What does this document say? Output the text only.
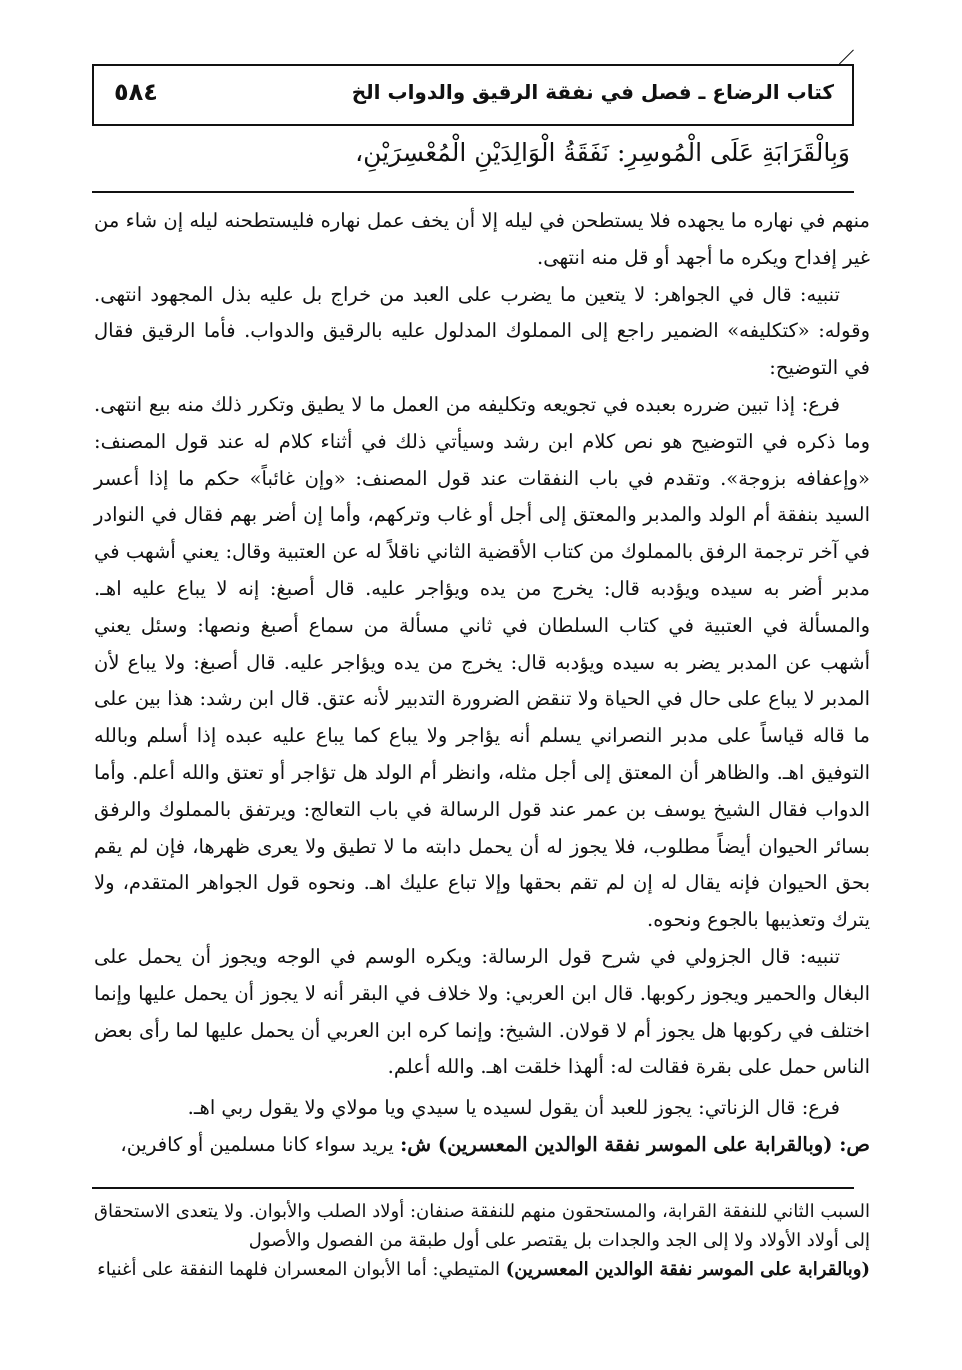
٥٨٤	كتاب الرضاع ـ فصل في نفقة الرقيق والدواب الخ
وَبِالْقَرَابَةِ عَلَى الْمُوسِرِ: نَفَقَةُ الْوَالِدَيْنِ الْمُعْسِرَيْنِ،

منهم في نهاره ما يجهده فلا يستطحن في ليله إلا أن يخف عمل نهاره فليستطحنه ليله إن شاء من غير إفداح ويكره ما أجهد أو قل منه انتهى.

تنبيه: قال في الجواهر: لا يتعين ما يضرب على العبد من خراج بل عليه بذل المجهود انتهى. وقوله: «كتكليفه» الضمير راجع إلى المملوك المدلول عليه بالرقيق والدواب. فأما الرقيق فقال في التوضيح:

فرع: إذا تبين ضرره بعبده في تجويعه وتكليفه من العمل ما لا يطيق وتكرر ذلك منه بيع انتهى. وما ذكره في التوضيح هو نص كلام ابن رشد وسيأتي ذلك في أثناء كلام له عند قول المصنف: «وإعفافه بزوجة». وتقدم في باب النفقات عند قول المصنف: «وإن غائباً» حكم ما إذا أعسر السيد بنفقة أم الولد والمدبر والمعتق إلى أجل أو غاب وتركهم، وأما إن أضر بهم فقال في النوادر في آخر ترجمة الرفق بالمملوك من كتاب الأقضية الثاني ناقلاً له عن العتبية وقال: يعني أشهب في مدبر أضر به سيده ويؤدبه قال: يخرج من يده ويؤاجر عليه. قال أصبغ: إنه لا يباع عليه اهـ. والمسألة في العتبية في كتاب السلطان في ثاني مسألة من سماع أصبغ ونصها: وسئل يعني أشهب عن المدبر يضر به سيده ويؤدبه قال: يخرج من يده ويؤاجر عليه. قال أصبغ: ولا يباع لأن المدبر لا يباع على حال في الحياة ولا تنقض الضرورة التدبير لأنه عتق. قال ابن رشد: هذا بين على ما قاله قياساً على مدبر النصراني يسلم أنه يؤاجر ولا يباع كما يباع عليه عبده إذا أسلم وبالله التوفيق اهـ. والظاهر أن المعتق إلى أجل مثله، وانظر أم الولد هل تؤاجر أو تعتق والله أعلم. وأما الدواب فقال الشيخ يوسف بن عمر عند قول الرسالة في باب التعالج: ويرتفق بالمملوك والرفق بسائر الحيوان أيضاً مطلوب، فلا يجوز له أن يحمل دابته ما لا تطيق ولا يعرى ظهرها، فإن لم يقم بحق الحيوان فإنه يقال له إن لم تقم بحقها وإلا تباع عليك اهـ. ونحوه قول الجواهر المتقدم، ولا يترك وتعذيبها بالجوع ونحوه.

تنبيه: قال الجزولي في شرح قول الرسالة: ويكره الوسم في الوجه ويجوز أن يحمل على البغال والحمير ويجوز ركوبها. قال ابن العربي: ولا خلاف في البقر أنه لا يجوز أن يحمل عليها وإنما اختلف في ركوبها هل يجوز أم لا قولان. الشيخ: وإنما كره ابن العربي أن يحمل عليها لما رأى بعض الناس حمل على بقرة فقالت له: ألهذا خلقت اهـ. والله أعلم.

فرع: قال الزناتي: يجوز للعبد أن يقول لسيده يا سيدي ويا مولاي ولا يقول ربي اهـ.

ص: (وبالقرابة على الموسر نفقة الوالدين المعسرين) ش: يريد سواء كانا مسلمين أو كافرين،

السبب الثاني للنفقة القرابة، والمستحقون منهم للنفقة صنفان: أولاد الصلب والأبوان. ولا يتعدى الاستحقاق إلى أولاد الأولاد ولا إلى الجد والجدات بل يقتصر على أول طبقة من الفصول والأصول

(وبالقرابة على الموسر نفقة الوالدين المعسرين) المتيطي: أما الأبوان المعسران فلهما النفقة على أغنياء
